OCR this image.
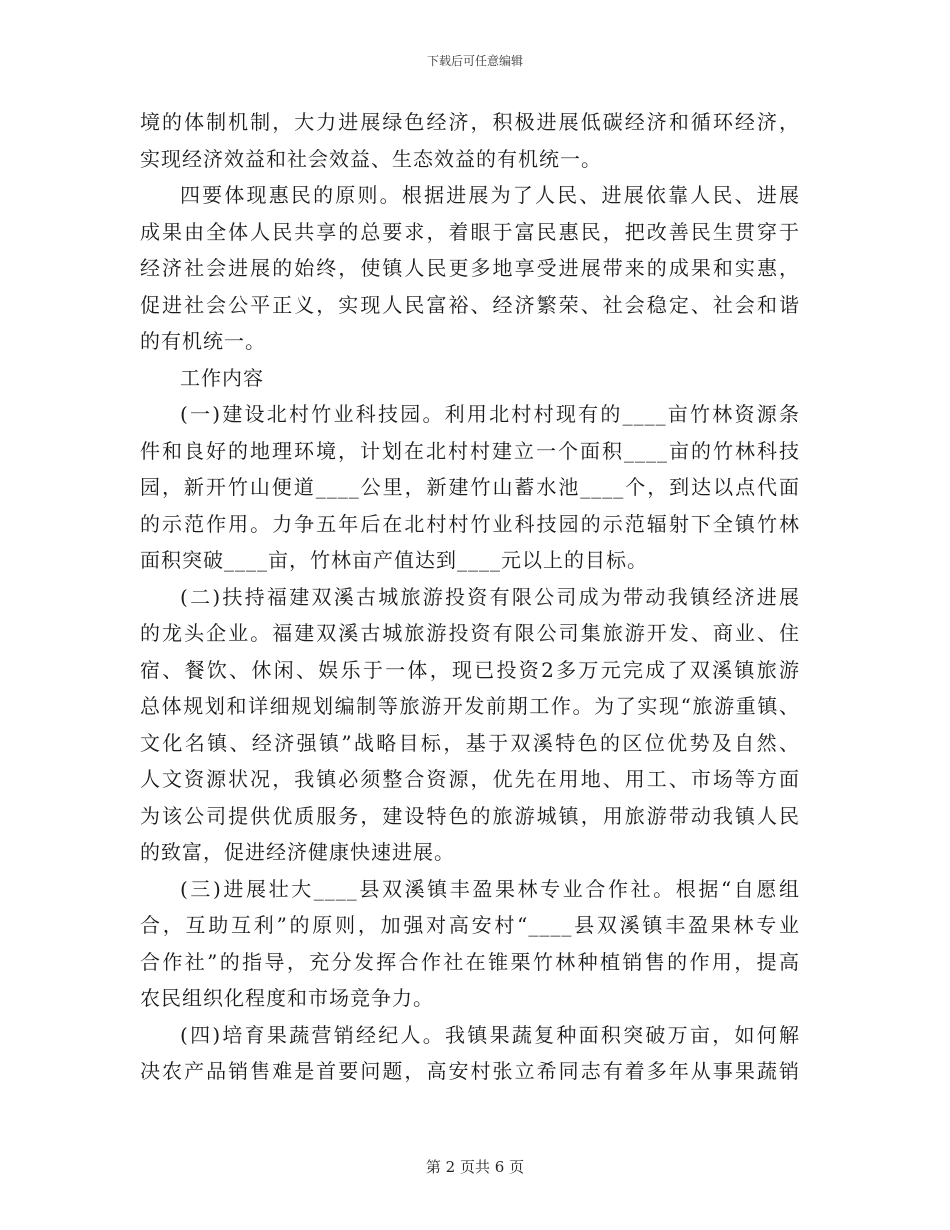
下载后可任意编辑
境的体制机制，大力进展绿色经济，积极进展低碳经济和循环经济，
实现经济效益和社会效益、生态效益的有机统一。
四要体现惠民的原则。根据进展为了人民、进展依靠人民、进展
成果由全体人民共享的总要求，着眼于富民惠民，把改善民生贯穿于
经济社会进展的始终，使镇人民更多地享受进展带来的成果和实惠，
促进社会公平正义，实现人民富裕、经济繁荣、社会稳定、社会和谐
的有机统一。
工作内容
(一)建设北村竹业科技园。利用北村村现有的____亩竹林资源条
件和良好的地理环境，计划在北村村建立一个面积____亩的竹林科技
园，新开竹山便道____公里，新建竹山蓄水池____个，到达以点代面
的示范作用。力争五年后在北村村竹业科技园的示范辐射下全镇竹林
面积突破____亩，竹林亩产值达到____元以上的目标。
(二)扶持福建双溪古城旅游投资有限公司成为带动我镇经济进展
的龙头企业。福建双溪古城旅游投资有限公司集旅游开发、商业、住
宿、餐饮、休闲、娱乐于一体，现已投资2多万元完成了双溪镇旅游
总体规划和详细规划编制等旅游开发前期工作。为了实现“旅游重镇、
文化名镇、经济强镇”战略目标，基于双溪特色的区位优势及自然、
人文资源状况，我镇必须整合资源，优先在用地、用工、市场等方面
为该公司提供优质服务，建设特色的旅游城镇，用旅游带动我镇人民
的致富，促进经济健康快速进展。
(三)进展壮大____县双溪镇丰盈果林专业合作社。根据“自愿组
合，互助互利”的原则，加强对高安村“____县双溪镇丰盈果林专业
合作社”的指导，充分发挥合作社在锥栗竹林种植销售的作用，提高
农民组织化程度和市场竞争力。
(四)培育果蔬营销经纪人。我镇果蔬复种面积突破万亩，如何解
决农产品销售难是首要问题，高安村张立希同志有着多年从事果蔬销
第 2 页共 6 页
